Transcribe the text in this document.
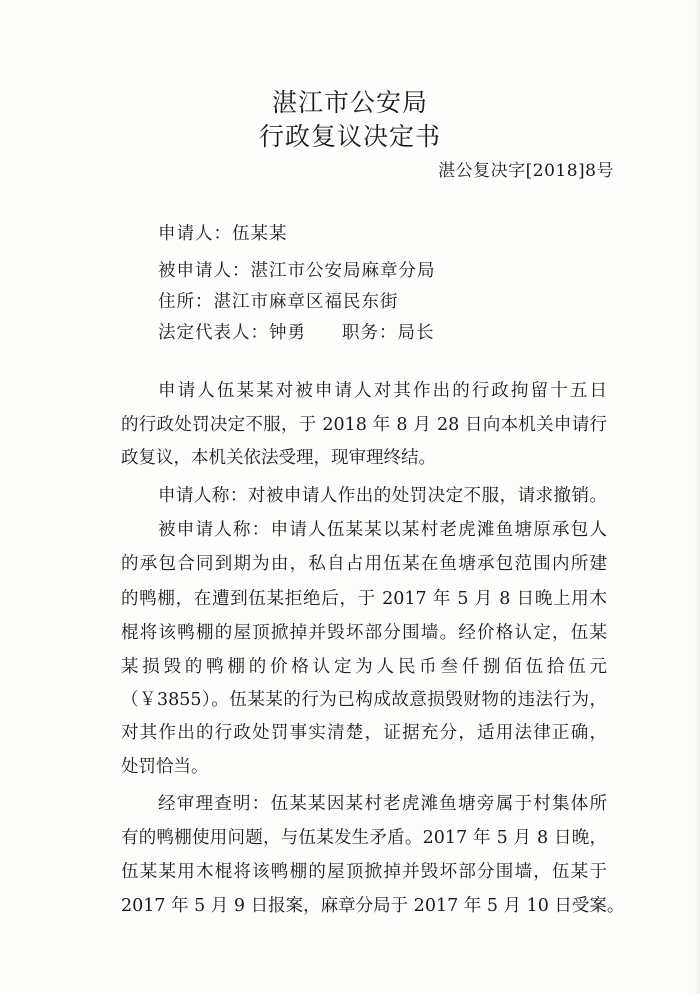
湛江市公安局
行政复议决定书
湛公复决字[2018]8号
申请人：伍某某
被申请人：湛江市公安局麻章分局
住所：湛江市麻章区福民东街
法定代表人：钟勇 职务：局长
申请人伍某某对被申请人对其作出的行政拘留十五日
的行政处罚决定不服，于 2018 年 8 月 28 日向本机关申请行
政复议，本机关依法受理，现审理终结。
申请人称：对被申请人作出的处罚决定不服，请求撤销。
被申请人称：申请人伍某某以某村老虎滩鱼塘原承包人
的承包合同到期为由，私自占用伍某在鱼塘承包范围内所建
的鸭棚，在遭到伍某拒绝后，于 2017 年 5 月 8 日晚上用木
棍将该鸭棚的屋顶掀掉并毁坏部分围墙。经价格认定，伍某
某损毁的鸭棚的价格认定为人民币叁仟捌佰伍拾伍元
（￥3855）。伍某某的行为已构成故意损毁财物的违法行为，
对其作出的行政处罚事实清楚，证据充分，适用法律正确，
处罚恰当。
经审理查明：伍某某因某村老虎滩鱼塘旁属于村集体所
有的鸭棚使用问题，与伍某发生矛盾。2017 年 5 月 8 日晚，
伍某某用木棍将该鸭棚的屋顶掀掉并毁坏部分围墙，伍某于
2017 年 5 月 9 日报案，麻章分局于 2017 年 5 月 10 日受案。
